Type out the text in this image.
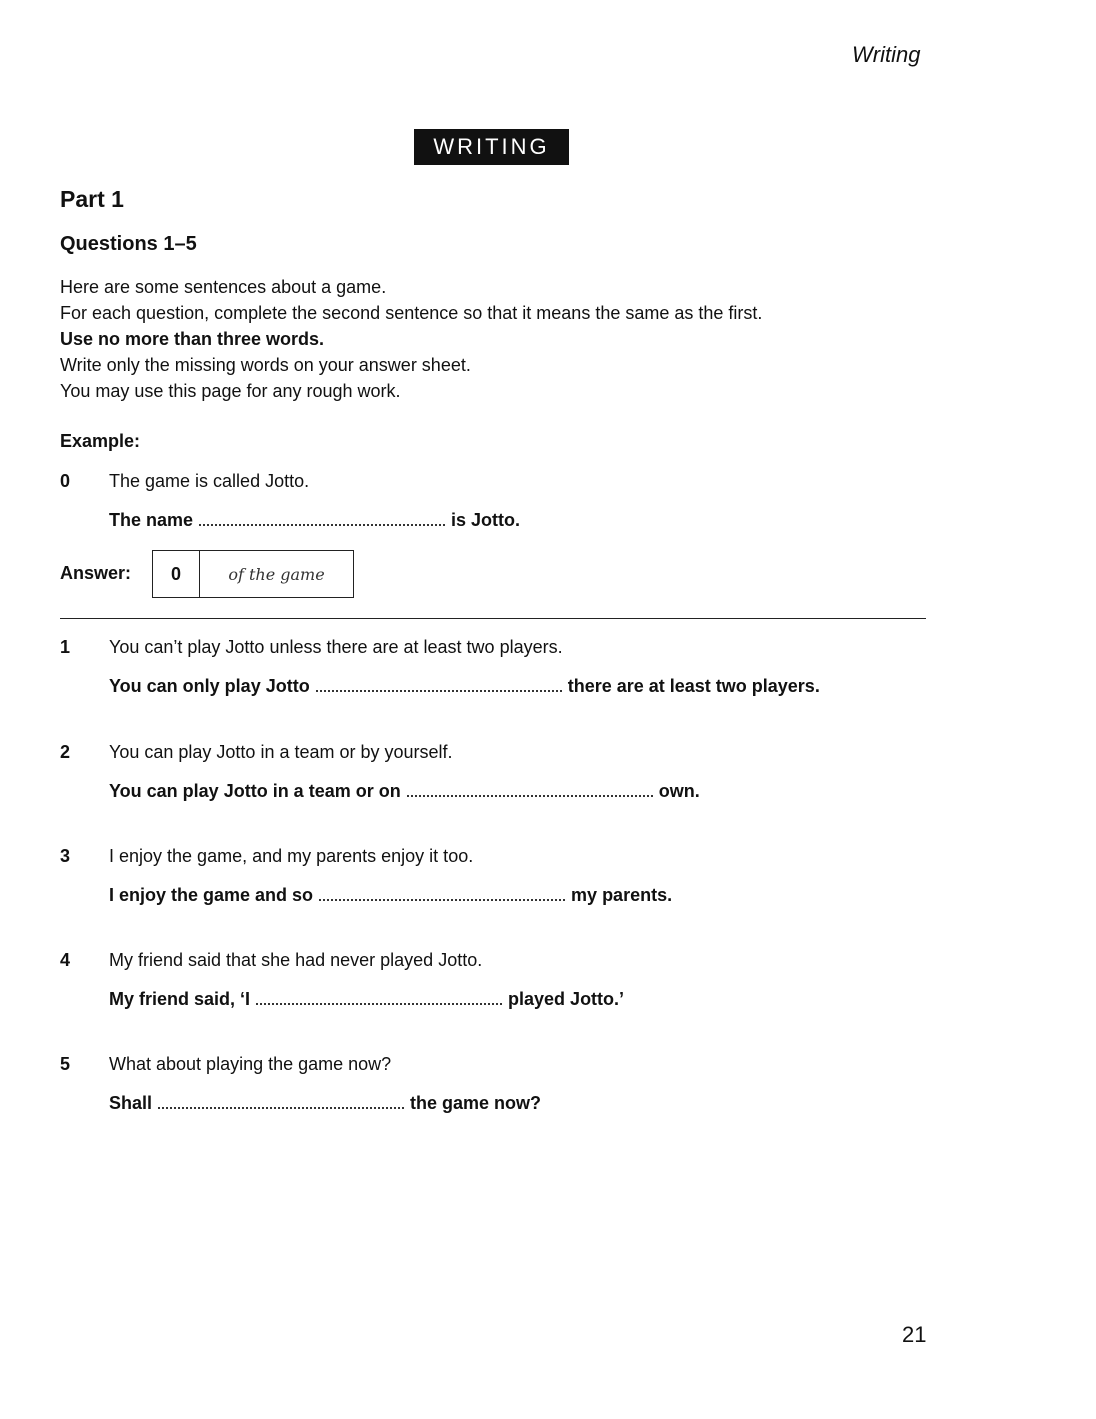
Writing
WRITING
Part 1
Questions 1–5
Here are some sentences about a game.
For each question, complete the second sentence so that it means the same as the first.
Use no more than three words.
Write only the missing words on your answer sheet.
You may use this page for any rough work.
Example:
0 The game is called Jotto.
The name	is Jotto.
Answer:	0	of the game
1 You can’t play Jotto unless there are at least two players.
You can only play Jotto	there are at least two players.
2 You can play Jotto in a team or by yourself.
You can play Jotto in a team or on	own.
3 I enjoy the game, and my parents enjoy it too.
I enjoy the game and so	my parents.
4 My friend said that she had never played Jotto.
My friend said, ‘I	played Jotto.’
5 What about playing the game now?
Shall	the game now?
21
